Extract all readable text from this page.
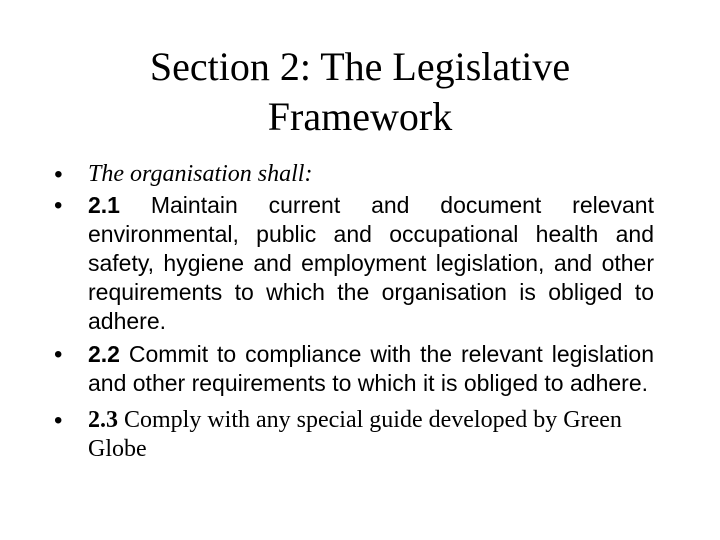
Section 2: The Legislative Framework
• The organisation shall:
• 2.1 Maintain current and document relevant environmental, public and occupational health and safety, hygiene and employment legislation, and other requirements to which the organisation is obliged to adhere.
• 2.2 Commit to compliance with the relevant legislation and other requirements to which it is obliged to adhere.
• 2.3 Comply with any special guide developed by Green Globe
